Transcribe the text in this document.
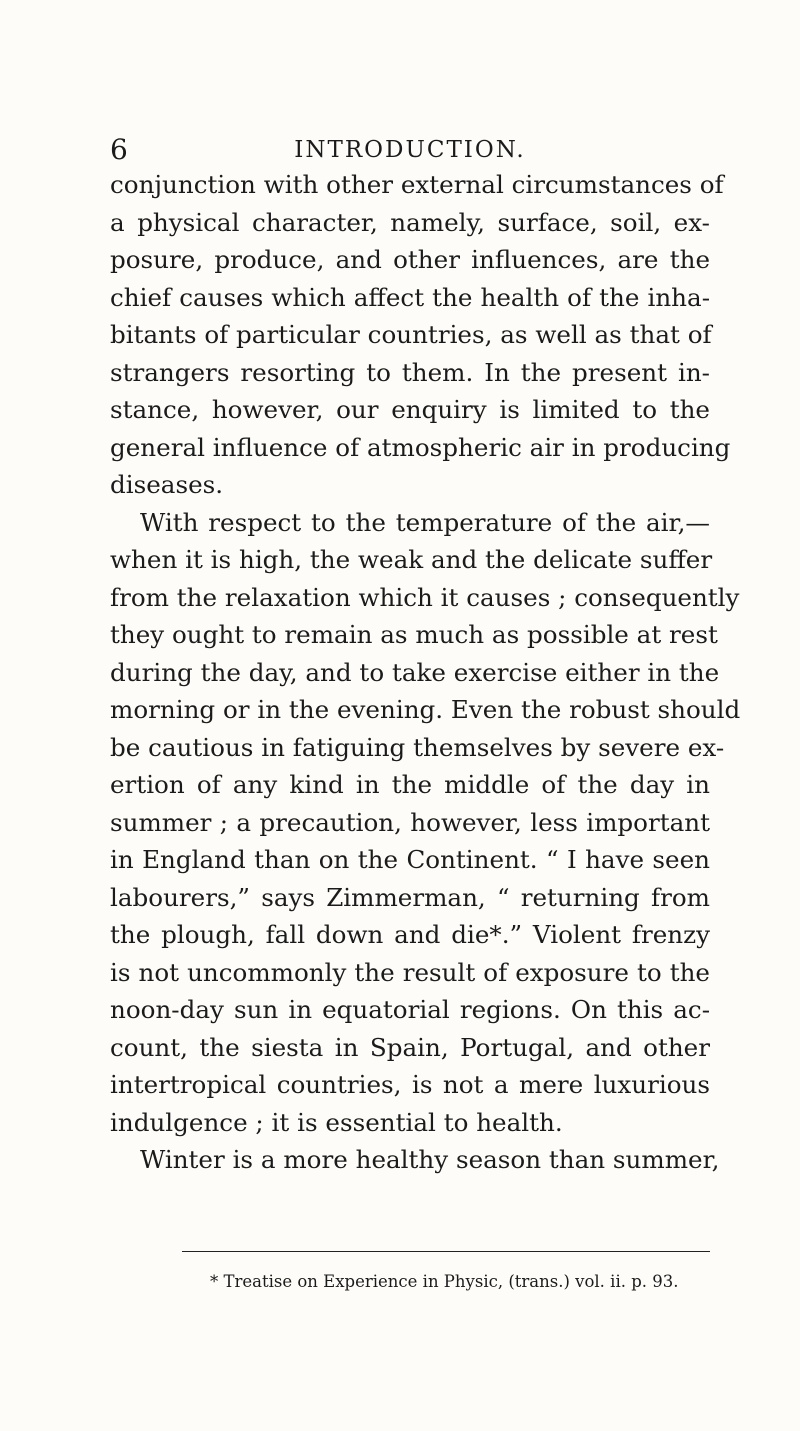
6	INTRODUCTION.
conjunction with other external circumstances of
a physical character, namely, surface, soil, ex-
posure, produce, and other influences, are the
chief causes which affect the health of the inha-
bitants of particular countries, as well as that of
strangers resorting to them. In the present in-
stance, however, our enquiry is limited to the
general influence of atmospheric air in producing
diseases.
With respect to the temperature of the air,—
when it is high, the weak and the delicate suffer
from the relaxation which it causes ; consequently
they ought to remain as much as possible at rest
during the day, and to take exercise either in the
morning or in the evening. Even the robust should
be cautious in fatiguing themselves by severe ex-
ertion of any kind in the middle of the day in
summer ; a precaution, however, less important
in England than on the Continent. “ I have seen
labourers,” says Zimmerman, “ returning from
the plough, fall down and die*.” Violent frenzy
is not uncommonly the result of exposure to the
noon-day sun in equatorial regions. On this ac-
count, the siesta in Spain, Portugal, and other
intertropical countries, is not a mere luxurious
indulgence ; it is essential to health.
Winter is a more healthy season than summer,
* Treatise on Experience in Physic, (trans.) vol. ii. p. 93.
